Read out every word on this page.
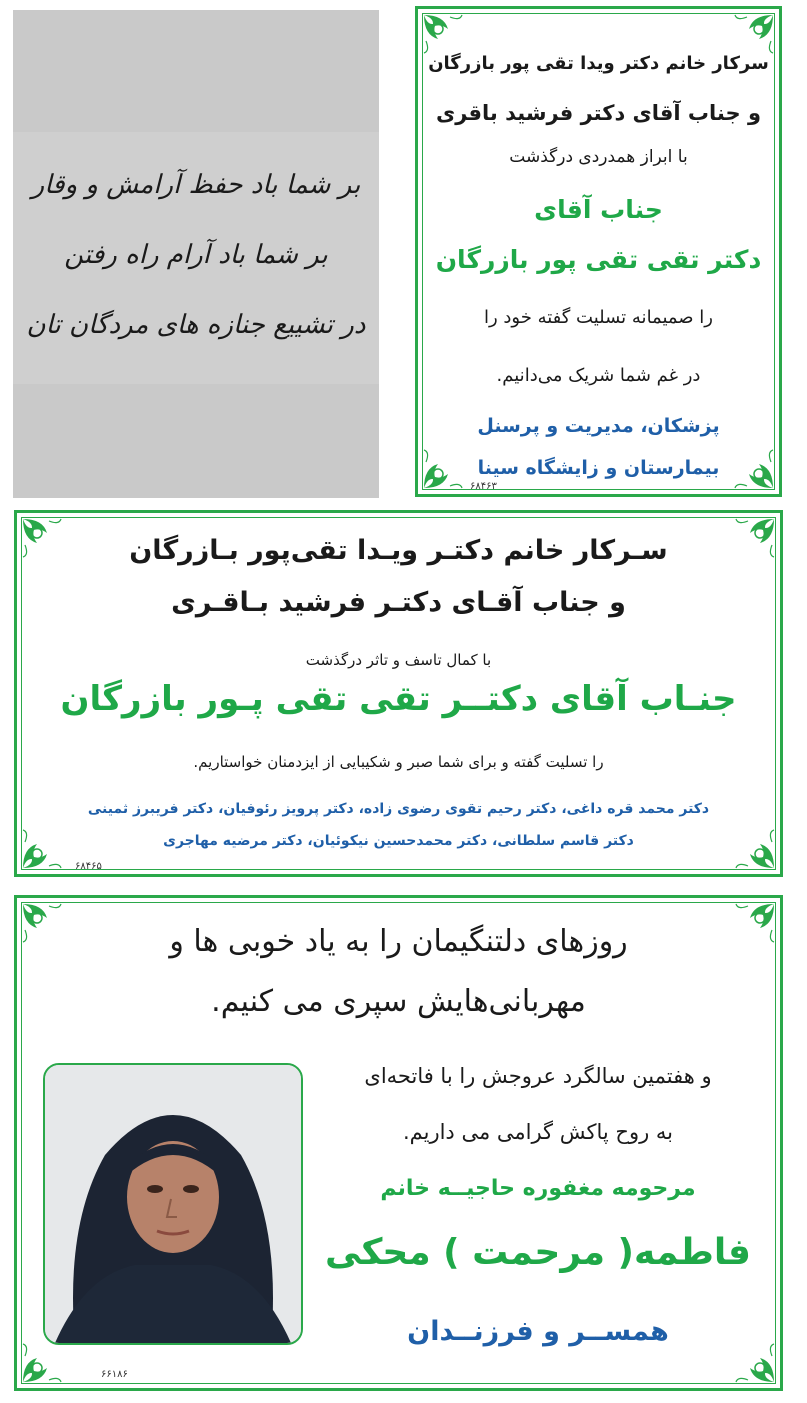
بر شما باد حفظ آرامش و وقار
بر شما باد آرام راه رفتن
در تشییع جنازه های مردگان تان
سرکار خانم دکتر ویدا تقی پور بازرگان
و جناب آقای دکتر فرشید باقری
با ابراز همدردی درگذشت
جناب آقای
دکتر تقی تقی پور بازرگان
را صمیمانه تسلیت گفته خود را
در غم شما شریک می‌دانیم.
پزشکان، مدیریت و پرسنل
بیمارستان و زایشگاه سینا
۶۸۴۶۳
سـرکار خانم دکتـر ویـدا تقی‌پور بـازرگان
و جناب آقـای دکتـر فرشید بـاقـری
با کمال تاسف و تاثر درگذشت
جنـاب آقای دکتــر تقی تقی پـور بازرگان
را تسلیت گفته و برای شما صبر و شکیبایی از ایزدمنان خواستاریم.
دکتر محمد قره داغی، دکتر رحیم تقوی رضوی زاده، دکتر پرویز رئوفیان، دکتر فریبرز ثمینی
دکتر قاسم سلطانی، دکتر محمدحسین نیکوئیان، دکتر مرضیه مهاجری
۶۸۴۶۵
روزهای دلتنگیمان را به یاد خوبی ها و
مهربانی‌هایش سپری می کنیم.
و هفتمین سالگرد عروجش را با فاتحه‌ای
به روح پاکش گرامی می داریم.
مرحومه مغفوره حاجیــه خانم
فاطمه( مرحمت ) محکی
همســر و فرزنــدان
۶۶۱۸۶
